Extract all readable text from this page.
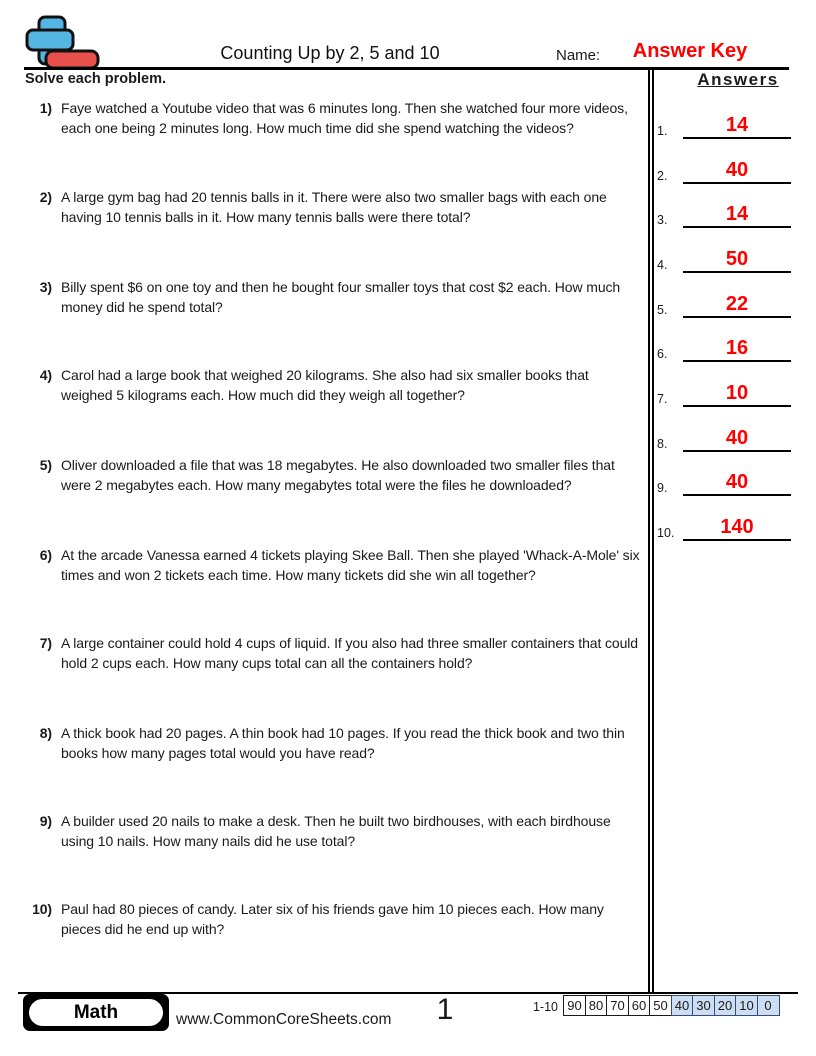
Counting Up by 2, 5 and 10	Name:	Answer Key
Solve each problem.	Answers
1) Faye watched a Youtube video that was 6 minutes long. Then she watched four more videos, each one being 2 minutes long. How much time did she spend watching the videos?
2) A large gym bag had 20 tennis balls in it. There were also two smaller bags with each one having 10 tennis balls in it. How many tennis balls were there total?
3) Billy spent $6 on one toy and then he bought four smaller toys that cost $2 each. How much money did he spend total?
4) Carol had a large book that weighed 20 kilograms. She also had six smaller books that weighed 5 kilograms each. How much did they weigh all together?
5) Oliver downloaded a file that was 18 megabytes. He also downloaded two smaller files that were 2 megabytes each. How many megabytes total were the files he downloaded?
6) At the arcade Vanessa earned 4 tickets playing Skee Ball. Then she played 'Whack-A-Mole' six times and won 2 tickets each time. How many tickets did she win all together?
7) A large container could hold 4 cups of liquid. If you also had three smaller containers that could hold 2 cups each. How many cups total can all the containers hold?
8) A thick book had 20 pages. A thin book had 10 pages. If you read the thick book and two thin books how many pages total would you have read?
9) A builder used 20 nails to make a desk. Then he built two birdhouses, with each birdhouse using 10 nails. How many nails did he use total?
10) Paul had 80 pieces of candy. Later six of his friends gave him 10 pieces each. How many pieces did he end up with?
1.	14
2.	40
3.	14
4.	50
5.	22
6.	16
7.	10
8.	40
9.	40
10.	140
Math	www.CommonCoreSheets.com	1	1-10 90 80 70 60 50 40 30 20 10 0
